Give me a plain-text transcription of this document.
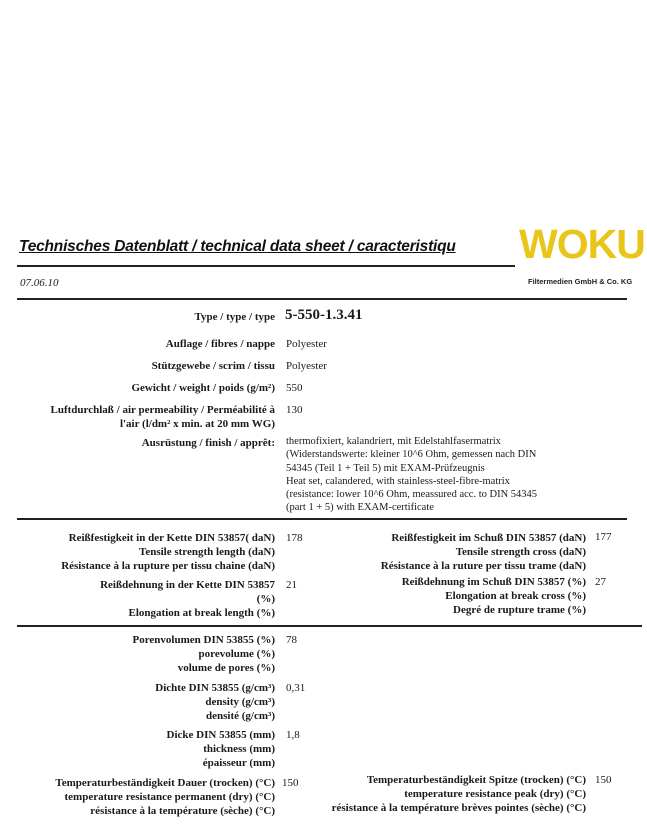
Technisches Datenblatt / technical data sheet / caracteristiqu WOKU
Filtermedien GmbH & Co. KG
07.06.10
Type / type / type 5-550-1.3.41
Auflage / fibres / nappe Polyester
Stützgewebe / scrim / tissu Polyester
Gewicht / weight / poids (g/m²) 550
Luftdurchlaß / air permeability / Perméabilité à
l'air (l/dm² x min. at 20 mm WG)
130
Ausrüstung / finish / apprêt: thermofixiert, kalandriert, mit Edelstahlfasermatrix
(Widerstandswerte: kleiner 10^6 Ohm, gemessen nach DIN
54345 (Teil 1 + Teil 5) mit EXAM-Prüfzeugnis
Heat set, calandered, with stainless-steel-fibre-matrix
(resistance: lower 10^6 Ohm, meassured acc. to DIN 54345
(part 1 + 5) with EXAM-certificate
Reißfestigkeit in der Kette DIN 53857( daN)
Tensile strength length (daN)
Résistance à la rupture per tissu chaine (daN)
178
Reißdehnung in der Kette DIN 53857
(%)
Elongation at break length (%)
21
Reißfestigkeit im Schuß DIN 53857 (daN)
Tensile strength cross (daN)
Résistance à la ruture per tissu trame (daN)
177
Reißdehnung im Schuß DIN 53857 (%)
Elongation at break cross (%)
Degré de rupture trame (%)
27
Porenvolumen DIN 53855 (%)
porevolume (%)
volume de pores (%)
78
Dichte DIN 53855 (g/cm³)
density (g/cm³)
densité (g/cm³)
0,31
Dicke DIN 53855 (mm)
thickness (mm)
épaisseur (mm)
1,8
Temperaturbeständigkeit Dauer (trocken) (°C)
temperature resistance permanent (dry) (°C)
résistance à la température (sèche) (°C)
150	Temperaturbeständigkeit Spitze (trocken) (°C)
temperature resistance peak (dry) (°C)
résistance à la température brèves pointes (sèche) (°C)
150
